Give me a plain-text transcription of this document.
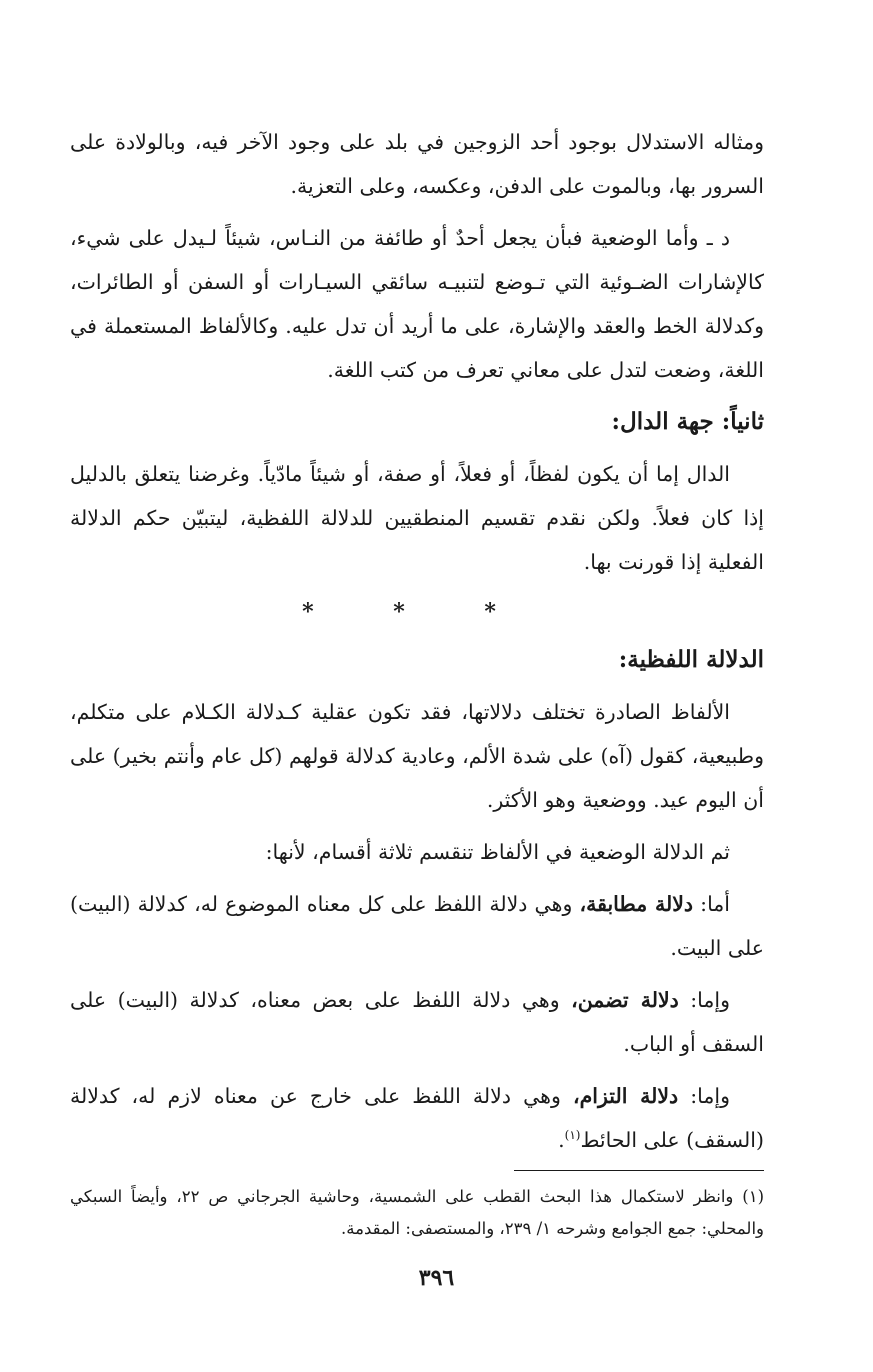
ومثاله الاستدلال بوجود أحد الزوجين في بلد على وجود الآخر فيه، وبالولادة على السرور بها، وبالموت على الدفن، وعكسه، وعلى التعزية.

د ـ وأما الوضعية فبأن يجعل أحدٌ أو طائفة من النـاس، شيئاً لـيدل على شيء، كالإشارات الضـوئية التي تـوضع لتنبيـه سائقي السيـارات أو السفن أو الطائرات، وكدلالة الخط والعقد والإشارة، على ما أريد أن تدل عليه. وكالألفاظ المستعملة في اللغة، وضعت لتدل على معاني تعرف من كتب اللغة.

ثانياً: جهة الدال:

الدال إما أن يكون لفظاً، أو فعلاً، أو صفة، أو شيئاً مادّياً. وغرضنا يتعلق بالدليل إذا كان فعلاً. ولكن نقدم تقسيم المنطقيين للدلالة اللفظية، ليتبيّن حكم الدلالة الفعلية إذا قورنت بها.

* * *
الدلالة اللفظية:

الألفاظ الصادرة تختلف دلالاتها، فقد تكون عقلية كـدلالة الكـلام على متكلم، وطبيعية، كقول (آه) على شدة الألم، وعادية كدلالة قولهم (كل عام وأنتم بخير) على أن اليوم عيد. ووضعية وهو الأكثر.

ثم الدلالة الوضعية في الألفاظ تنقسم ثلاثة أقسام، لأنها:

أما: دلالة مطابقة، وهي دلالة اللفظ على كل معناه الموضوع له، كدلالة (البيت) على البيت.

وإما: دلالة تضمن، وهي دلالة اللفظ على بعض معناه، كدلالة (البيت) على السقف أو الباب.

وإما: دلالة التزام، وهي دلالة اللفظ على خارج عن معناه لازم له، كدلالة (السقف) على الحائط$^{(١)}$.

(١) وانظر لاستكمال هذا البحث القطب على الشمسية، وحاشية الجرجاني ص ٢٢، وأيضاً السبكي والمحلي: جمع الجوامع وشرحه ١/ ٢٣٩، والمستصفى: المقدمة.

٣٩٦
